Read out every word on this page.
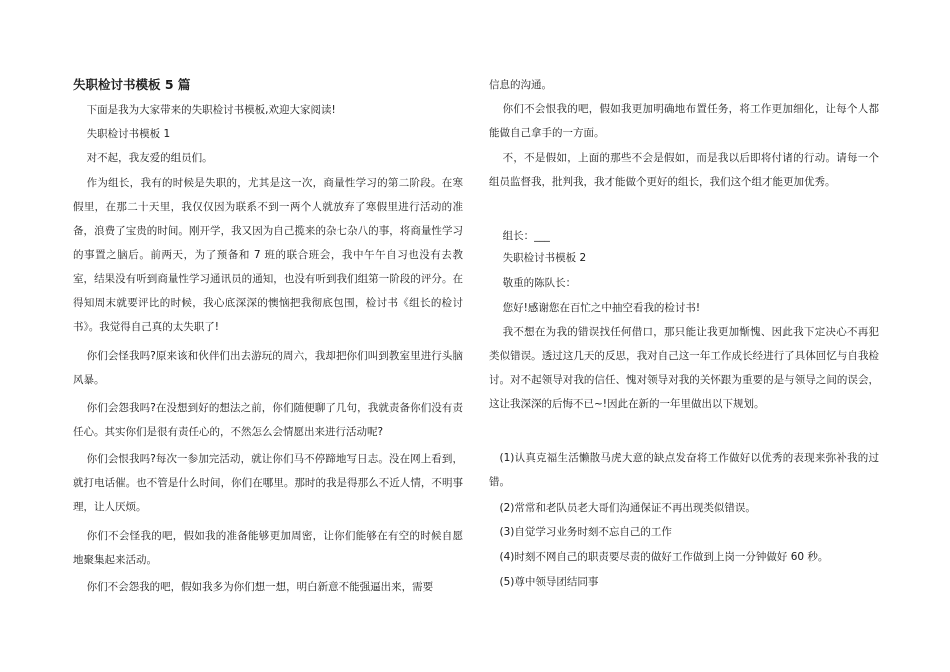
失职检讨书模板 5 篇
下面是我为大家带来的失职检讨书模板,欢迎大家阅读!
失职检讨书模板 1
对不起，我友爱的组员们。
作为组长，我有的时候是失职的，尤其是这一次，商量性学习的第二阶段。在寒假里，在那二十天里，我仅仅因为联系不到一两个人就放弃了寒假里进行活动的准备，浪费了宝贵的时间。刚开学，我又因为自己揽来的杂七杂八的事，将商量性学习的事置之脑后。前两天，为了预备和 7 班的联合班会，我中午午自习也没有去教室，结果没有听到商量性学习通讯员的通知，也没有听到我们组第一阶段的评分。在得知周末就要评比的时候，我心底深深的懊恼把我彻底包围，检讨书《组长的检讨书》。我觉得自己真的太失职了!
你们会怪我吗?原来该和伙伴们出去游玩的周六，我却把你们叫到教室里进行头脑风暴。
你们会怨我吗?在没想到好的想法之前，你们随便聊了几句，我就责备你们没有责任心。其实你们是很有责任心的，不然怎么会情愿出来进行活动呢?
你们会恨我吗?每次一参加完活动，就让你们马不停蹄地写日志。没在网上看到，就打电话催。也不管是什么时间，你们在哪里。那时的我是得那么不近人情，不明事理，让人厌烦。
你们不会怪我的吧，假如我的准备能够更加周密，让你们能够在有空的时候自愿地聚集起来活动。
你们不会怨我的吧，假如我多为你们想一想，明白新意不能强逼出来，需要
信息的沟通。
你们不会恨我的吧，假如我更加明确地布置任务，将工作更加细化，让每个人都能做自己拿手的一方面。
不，不是假如，上面的那些不会是假如，而是我以后即将付诸的行动。请每一个组员监督我，批判我，我才能做个更好的组长，我们这个组才能更加优秀。
组长：___
失职检讨书模板 2
敬重的陈队长：
您好!感谢您在百忙之中抽空看我的检讨书!
我不想在为我的错误找任何借口，那只能让我更加惭愧、因此我下定决心不再犯类似错误。透过这几天的反思，我对自己这一年工作成长经进行了具体回忆与自我检讨。对不起领导对我的信任、愧对领导对我的关怀跟为重要的是与领导之间的误会，这让我深深的后悔不已~!因此在新的一年里做出以下规划。
(1)认真克福生活懒散马虎大意的缺点发奋将工作做好以优秀的表现来弥补我的过错。
(2)常常和老队员老大哥们沟通保证不再出现类似错误。
(3)自觉学习业务时刻不忘自己的工作
(4)时刻不网自己的职责要尽责的做好工作做到上岗一分钟做好 60 秒。
(5)尊中领导团结同事
